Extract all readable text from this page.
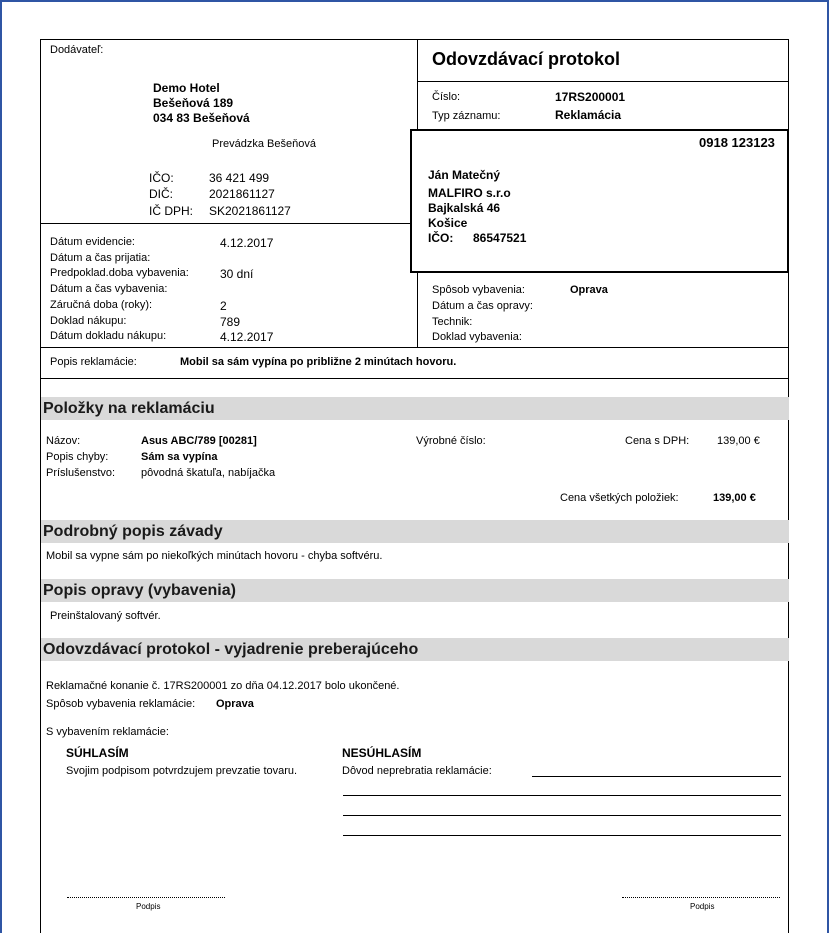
Dodávateľ:
Demo Hotel
Bešeňová 189
034 83 Bešeňová
Prevádzka Bešeňová
IČO:	36 421 499
DIČ:	2021861127
IČ DPH: SK2021861127
Odovzdávací protokol
Číslo:	17RS200001
Typ záznamu:	Reklamácia
0918 123123
Ján Matečný
MALFIRO s.r.o
Bajkalská 46
Košice
IČO: 86547521
Dátum evidencie:	4.12.2017
Dátum a čas prijatia:
Predpoklad.doba vybavenia:	30 dní
Dátum a čas vybavenia:
Záručná doba (roky):	2
Doklad nákupu:	789
Dátum dokladu nákupu:	4.12.2017
Spôsob vybavenia:	Oprava
Dátum a čas opravy:
Technik:
Doklad vybavenia:
Popis reklamácie:	Mobil sa sám vypína po približne 2 minútach hovoru.
Položky na reklamáciu
Názov:	Asus ABC/789 [00281]
Popis chyby:	Sám sa vypína
Príslušenstvo: pôvodná škatuľa, nabíjačka
Výrobné číslo:	Cena s DPH:	139,00 €
Cena všetkých položiek:	139,00 €
Podrobný popis závady
Mobil sa vypne sám po niekoľkých minútach hovoru - chyba softvéru.
Popis opravy (vybavenia)
Preinštalovaný softvér.
Odovzdávací protokol - vyjadrenie preberajúceho
Reklamačné konanie č. 17RS200001 zo dňa 04.12.2017 bolo ukončené.
Spôsob vybavenia reklamácie: Oprava
S vybavením reklamácie:
SÚHLASÍM
Svojim podpisom potvrdzujem prevzatie tovaru.
NESÚHLASÍM
Dôvod neprebratia reklamácie:
Podpis	Podpis
